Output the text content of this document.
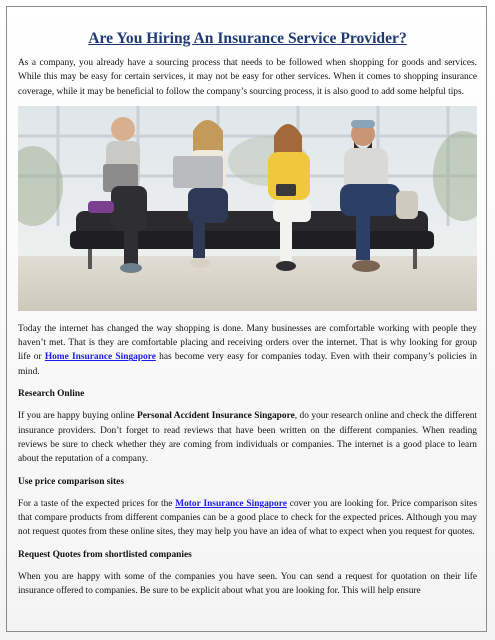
Are You Hiring An Insurance Service Provider?

As a company, you already have a sourcing process that needs to be followed when shopping for goods and services. While this may be easy for certain services, it may not be easy for other services. When it comes to shopping insurance coverage, while it may be beneficial to follow the company’s sourcing process, it is also good to add some helpful tips.

Today the internet has changed the way shopping is done. Many businesses are comfortable working with people they haven’t met. That is they are comfortable placing and receiving orders over the internet. That is why looking for group life or Home Insurance Singapore has become very easy for companies today. Even with their company’s policies in mind.

Research Online

If you are happy buying online Personal Accident Insurance Singapore, do your research online and check the different insurance providers. Don’t forget to read reviews that have been written on the different companies. When reading reviews be sure to check whether they are coming from individuals or companies. The internet is a good place to learn about the reputation of a company.

Use price comparison sites

For a taste of the expected prices for the Motor Insurance Singapore cover you are looking for. Price comparison sites that compare products from different companies can be a good place to check for the expected prices. Although you may not request quotes from these online sites, they may help you have an idea of what to expect when you request for quotes.

Request Quotes from shortlisted companies

When you are happy with some of the companies you have seen. You can send a request for quotation on their life insurance offered to companies. Be sure to be explicit about what you are looking for. This will help ensure
